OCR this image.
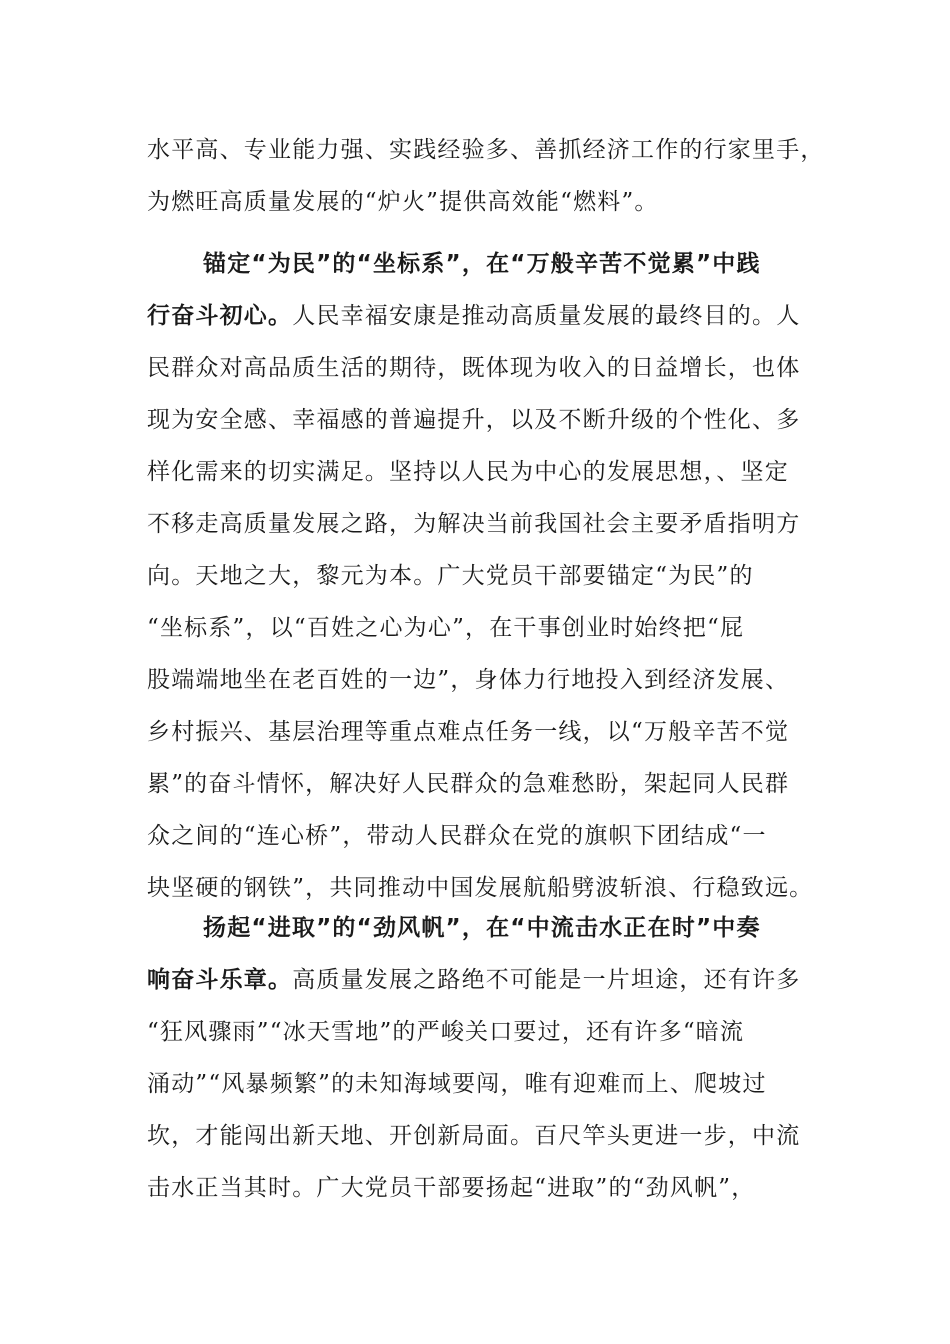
水平高、专业能力强、实践经验多、善抓经济工作的行家里手，
为燃旺高质量发展的“炉火”提供高效能“燃料”。
锚定“为民”的“坐标系”，在“万般辛苦不觉累”中践
行奋斗初心。人民幸福安康是推动高质量发展的最终目的。人
民群众对高品质生活的期待，既体现为收入的日益增长，也体
现为安全感、幸福感的普遍提升，以及不断升级的个性化、多
样化需来的切实满足。坚持以人民为中心的发展思想，、坚定
不移走高质量发展之路，为解决当前我国社会主要矛盾指明方
向。天地之大，黎元为本。广大党员干部要锚定“为民”的
“坐标系”，以“百姓之心为心”，在干事创业时始终把“屁
股端端地坐在老百姓的一边”，身体力行地投入到经济发展、
乡村振兴、基层治理等重点难点任务一线，以“万般辛苦不觉
累”的奋斗情怀，解决好人民群众的急难愁盼，架起同人民群
众之间的“连心桥”，带动人民群众在党的旗帜下团结成“一
块坚硬的钢铁”，共同推动中国发展航船劈波斩浪、行稳致远。
扬起“进取”的“劲风帆”，在“中流击水正在时”中奏
响奋斗乐章。高质量发展之路绝不可能是一片坦途，还有许多
“狂风骤雨”“冰天雪地”的严峻关口要过，还有许多“暗流
涌动”“风暴频繁”的未知海域要闯，唯有迎难而上、爬坡过
坎，才能闯出新天地、开创新局面。百尺竿头更进一步，中流
击水正当其时。广大党员干部要扬起“进取”的“劲风帆”，
